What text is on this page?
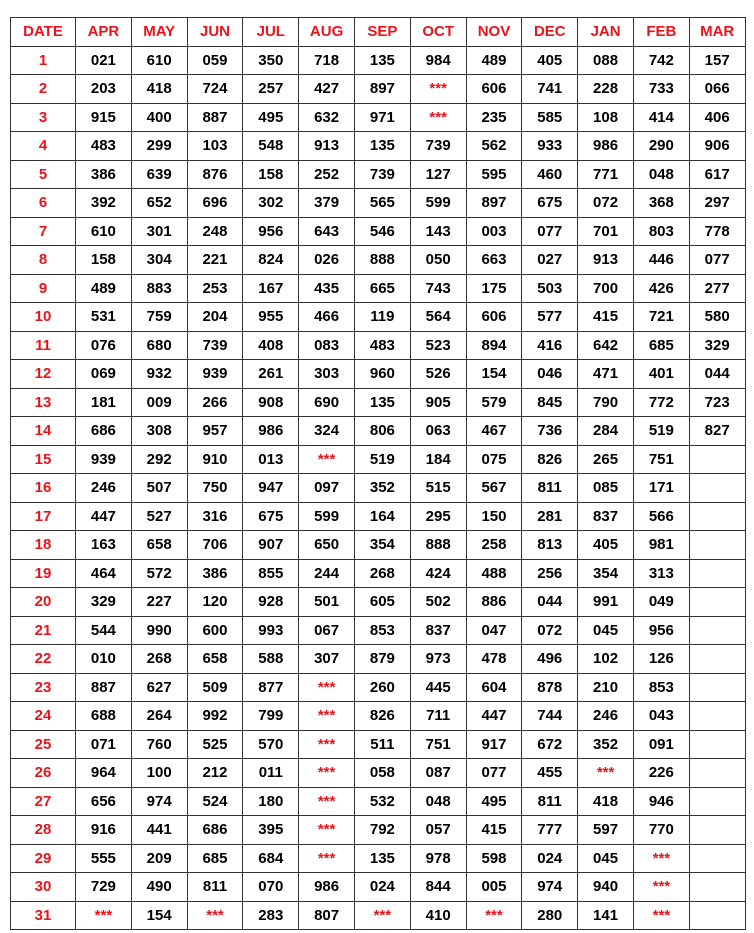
DATE	APR	MAY	JUN	JUL	AUG	SEP	OCT	NOV	DEC	JAN	FEB	MAR
1	021	610	059	350	718	135	984	489	405	088	742	157
2	203	418	724	257	427	897	***	606	741	228	733	066
3	915	400	887	495	632	971	***	235	585	108	414	406
4	483	299	103	548	913	135	739	562	933	986	290	906
5	386	639	876	158	252	739	127	595	460	771	048	617
6	392	652	696	302	379	565	599	897	675	072	368	297
7	610	301	248	956	643	546	143	003	077	701	803	778
8	158	304	221	824	026	888	050	663	027	913	446	077
9	489	883	253	167	435	665	743	175	503	700	426	277
10	531	759	204	955	466	119	564	606	577	415	721	580
11	076	680	739	408	083	483	523	894	416	642	685	329
12	069	932	939	261	303	960	526	154	046	471	401	044
13	181	009	266	908	690	135	905	579	845	790	772	723
14	686	308	957	986	324	806	063	467	736	284	519	827
15	939	292	910	013	***	519	184	075	826	265	751	
16	246	507	750	947	097	352	515	567	811	085	171	
17	447	527	316	675	599	164	295	150	281	837	566	
18	163	658	706	907	650	354	888	258	813	405	981	
19	464	572	386	855	244	268	424	488	256	354	313	
20	329	227	120	928	501	605	502	886	044	991	049	
21	544	990	600	993	067	853	837	047	072	045	956	
22	010	268	658	588	307	879	973	478	496	102	126	
23	887	627	509	877	***	260	445	604	878	210	853	
24	688	264	992	799	***	826	711	447	744	246	043	
25	071	760	525	570	***	511	751	917	672	352	091	
26	964	100	212	011	***	058	087	077	455	***	226	
27	656	974	524	180	***	532	048	495	811	418	946	
28	916	441	686	395	***	792	057	415	777	597	770	
29	555	209	685	684	***	135	978	598	024	045	***	
30	729	490	811	070	986	024	844	005	974	940	***	
31	***	154	***	283	807	***	410	***	280	141	***	
